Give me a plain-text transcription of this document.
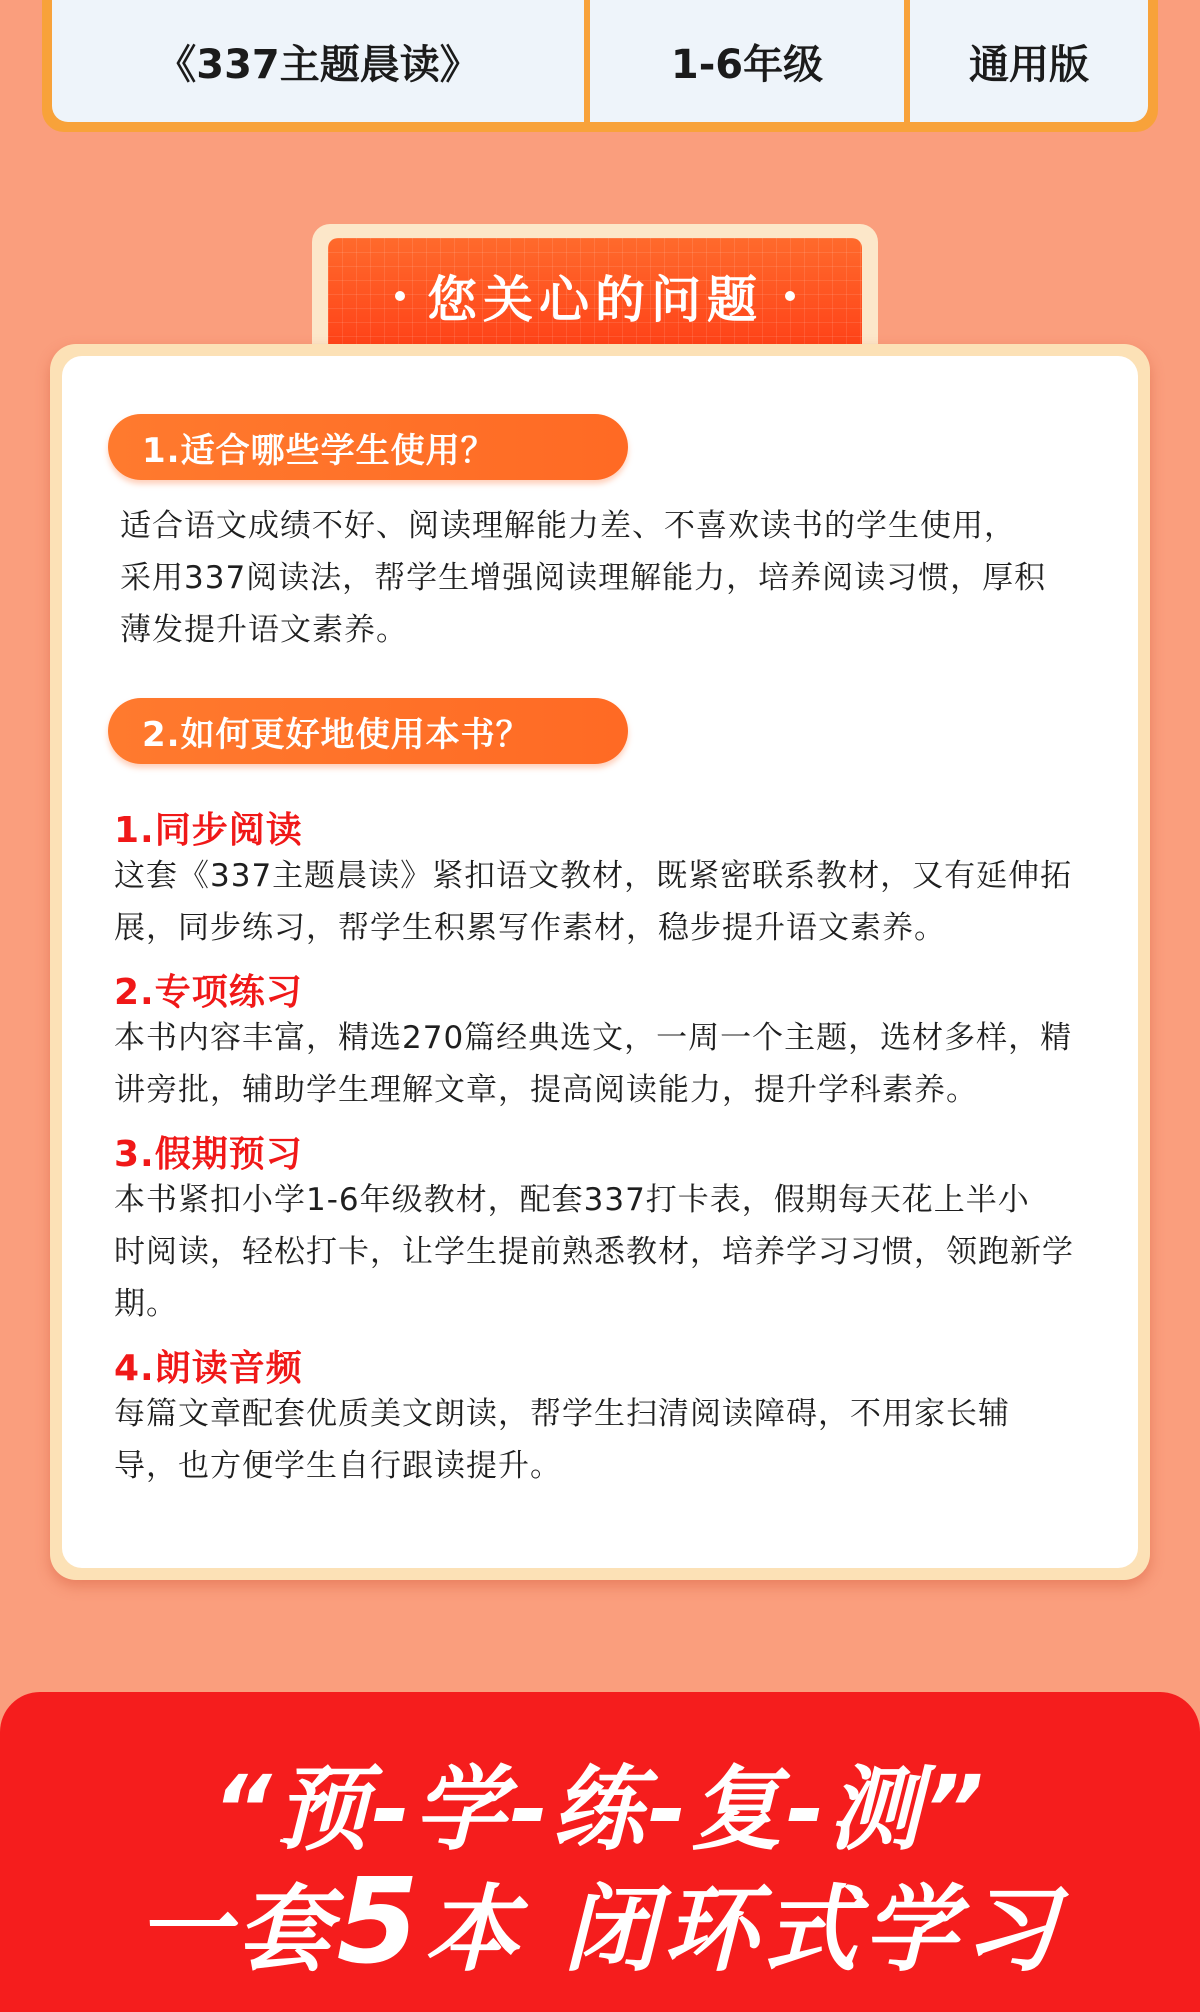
《337主题晨读》	1-6年级	通用版
您关心的问题
1.适合哪些学生使用？
适合语文成绩不好、阅读理解能力差、不喜欢读书的学生使用，
采用337阅读法，帮学生增强阅读理解能力，培养阅读习惯，厚积
薄发提升语文素养。
2.如何更好地使用本书？
1.同步阅读
这套《337主题晨读》紧扣语文教材，既紧密联系教材，又有延伸拓
展，同步练习，帮学生积累写作素材，稳步提升语文素养。
2.专项练习
本书内容丰富，精选270篇经典选文，一周一个主题，选材多样，精
讲旁批，辅助学生理解文章，提高阅读能力，提升学科素养。
3.假期预习
本书紧扣小学1-6年级教材，配套337打卡表，假期每天花上半小
时阅读，轻松打卡，让学生提前熟悉教材，培养学习习惯，领跑新学
期。
4.朗读音频
每篇文章配套优质美文朗读，帮学生扫清阅读障碍，不用家长辅
导，也方便学生自行跟读提升。
“预-学-练-复-测”
一套5本 闭环式学习
